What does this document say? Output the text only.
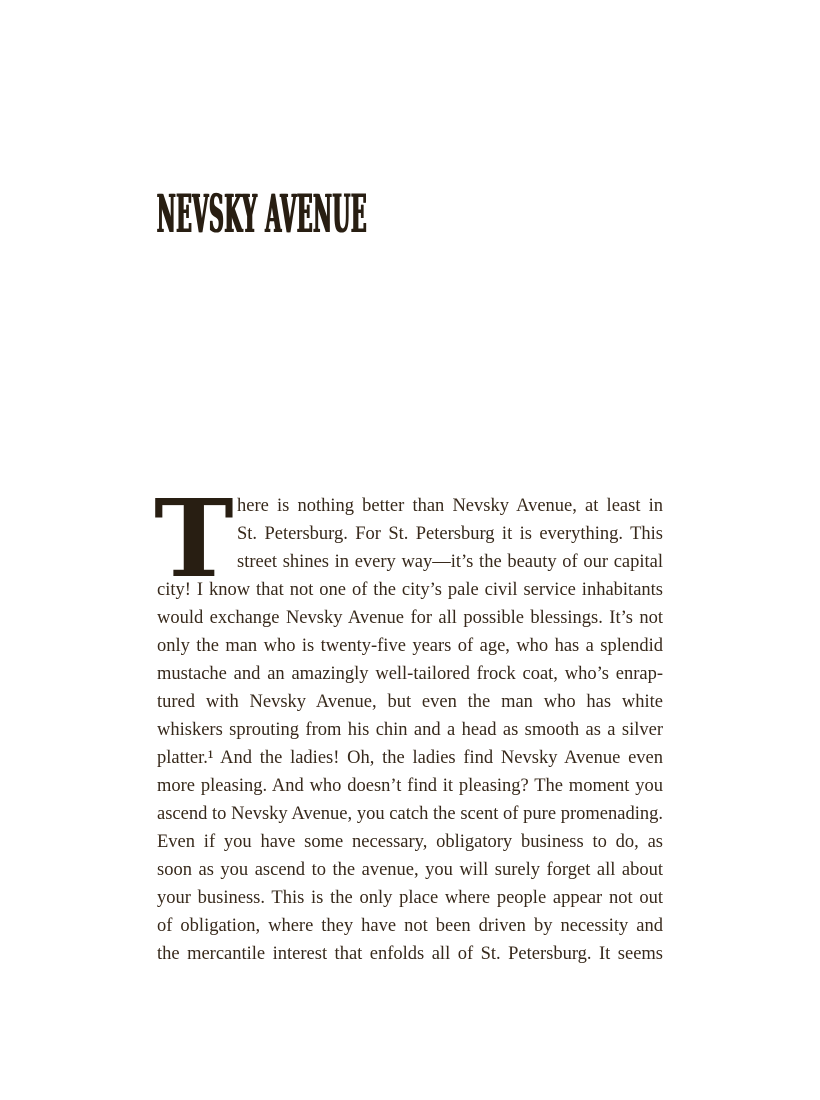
NEVSKY AVENUE
T here is nothing better than Nevsky Avenue, at least in
St. Petersburg. For St. Petersburg it is everything. This
street shines in every way—it’s the beauty of our capital
city! I know that not one of the city’s pale civil service inhabitants
would exchange Nevsky Avenue for all possible blessings. It’s not
only the man who is twenty-five years of age, who has a splendid
mustache and an amazingly well-tailored frock coat, who’s enrap-
tured with Nevsky Avenue, but even the man who has white
whiskers sprouting from his chin and a head as smooth as a silver
platter.¹ And the ladies! Oh, the ladies find Nevsky Avenue even
more pleasing. And who doesn’t find it pleasing? The moment you
ascend to Nevsky Avenue, you catch the scent of pure promenading.
Even if you have some necessary, obligatory business to do, as
soon as you ascend to the avenue, you will surely forget all about
your business. This is the only place where people appear not out
of obligation, where they have not been driven by necessity and
the mercantile interest that enfolds all of St. Petersburg. It seems
